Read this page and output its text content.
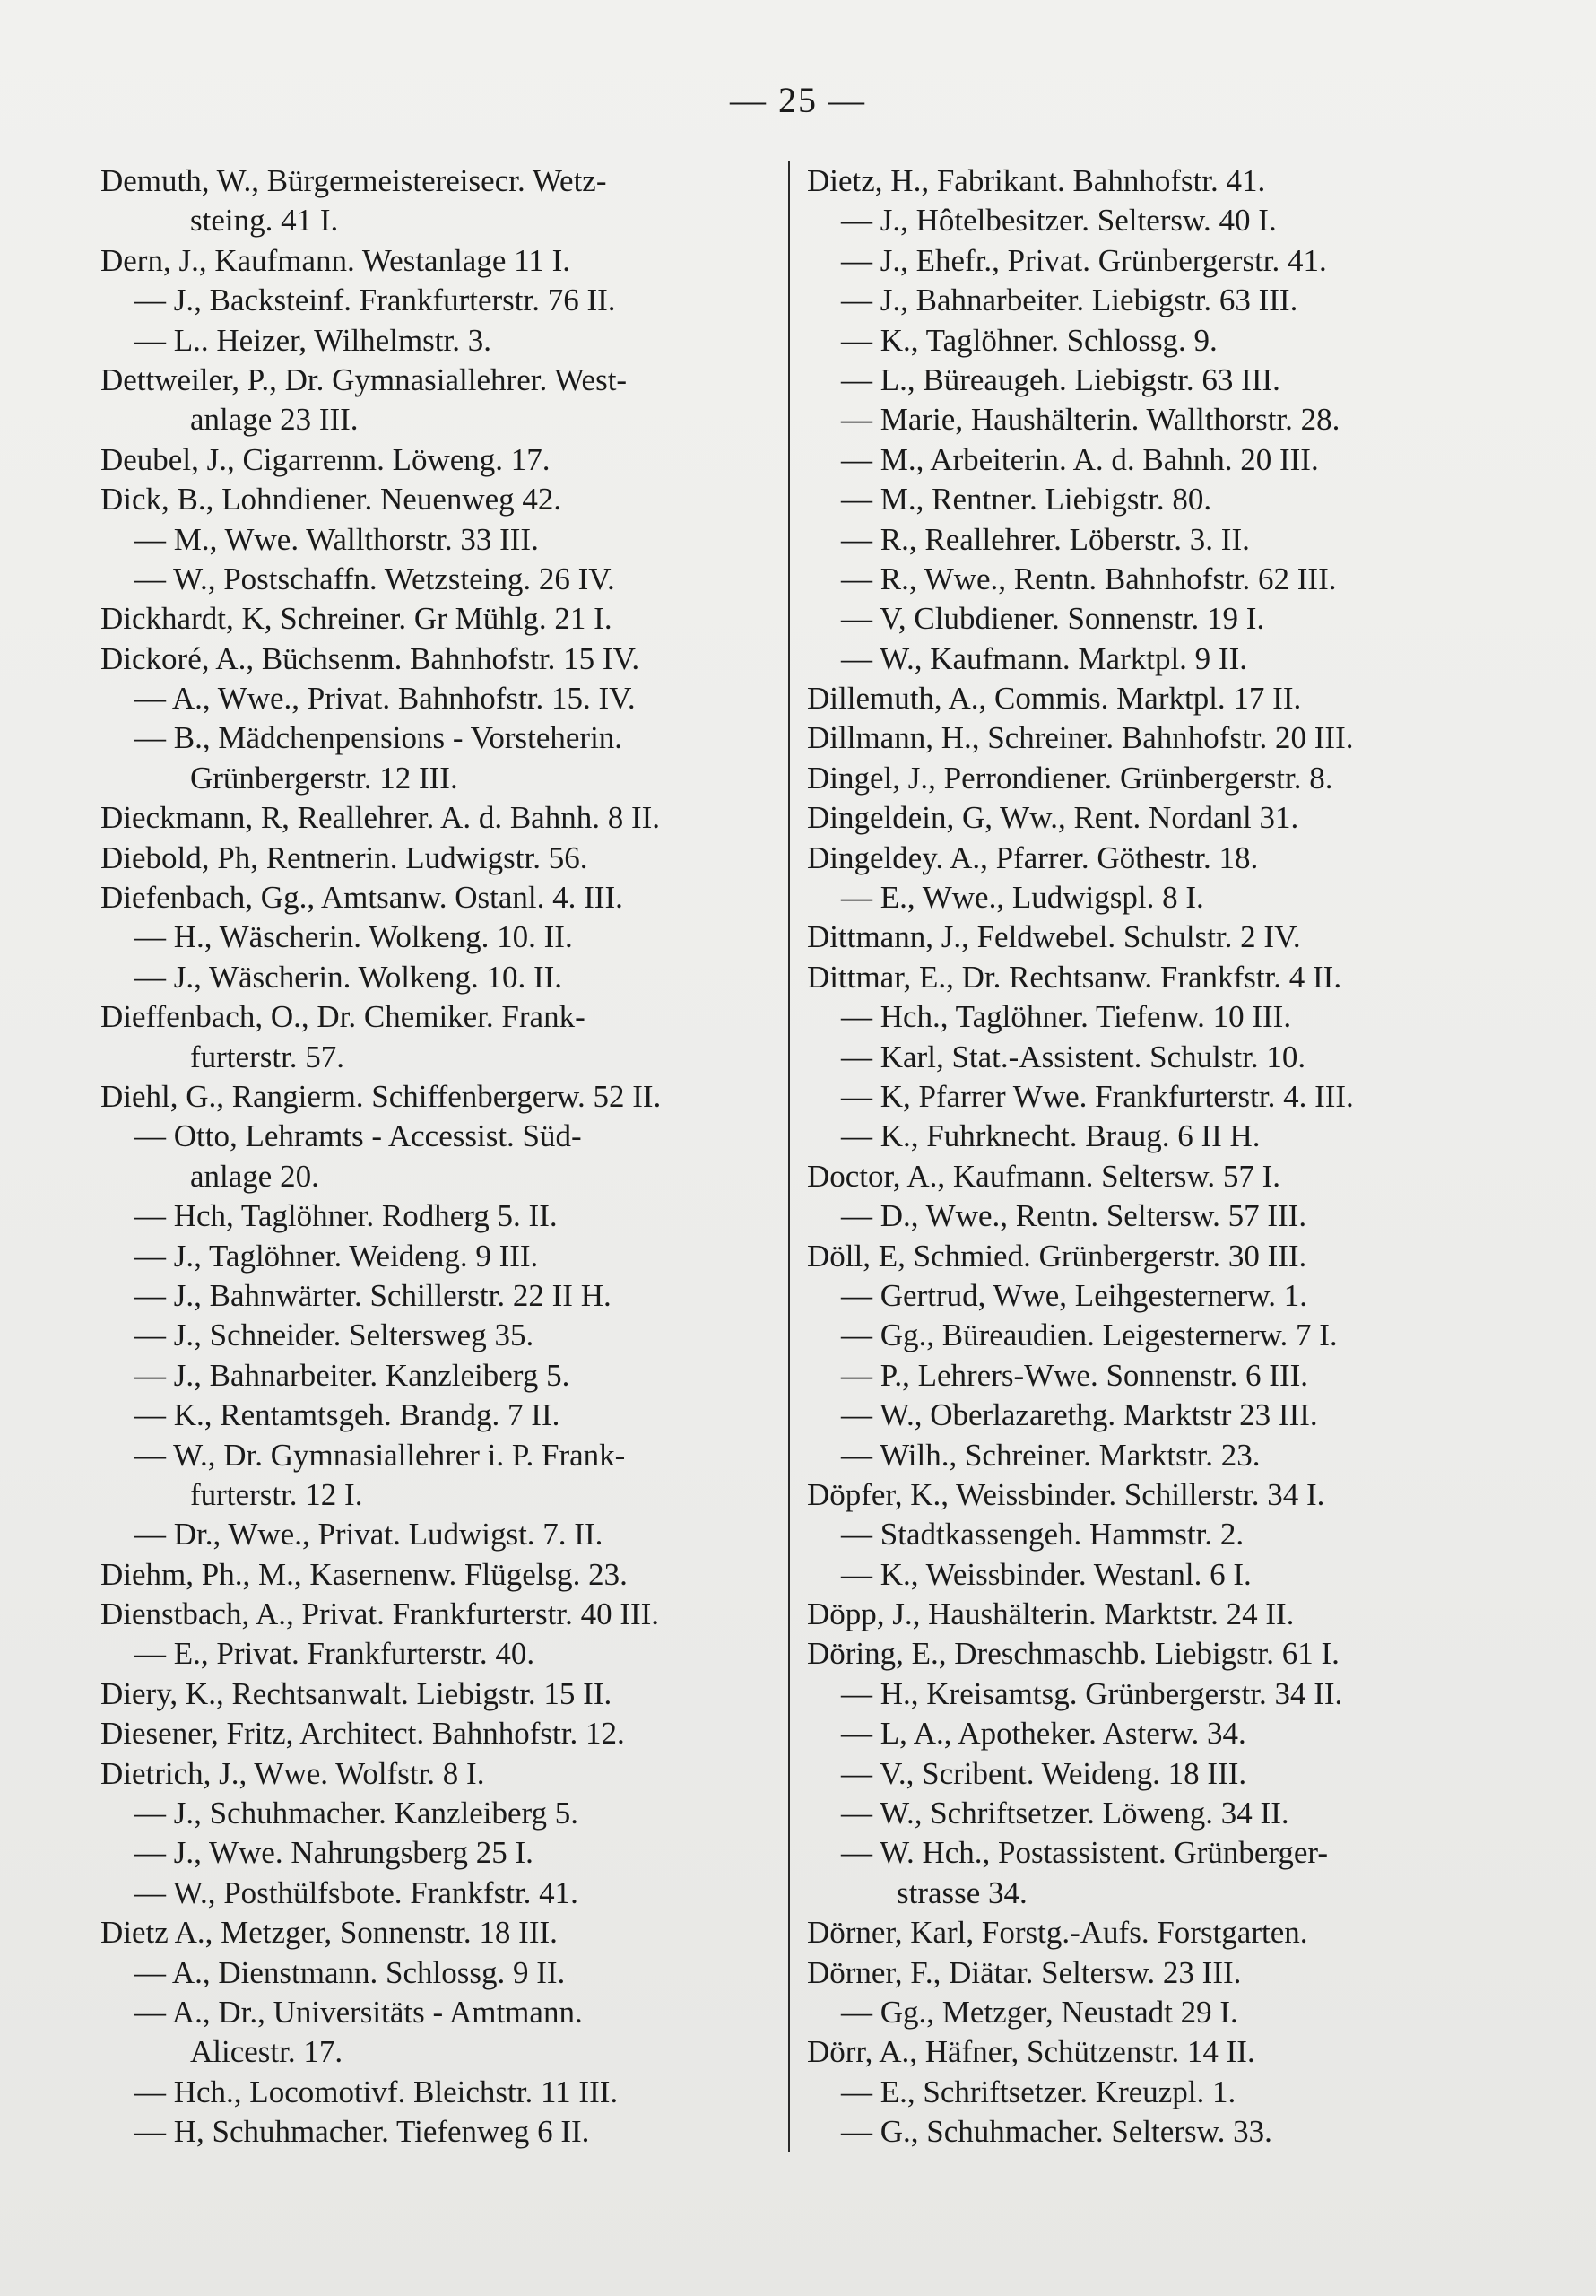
— 25 —
Demuth, W., Bürgermeistereisecr. Wetz-
steing. 41 I.
Dern, J., Kaufmann. Westanlage 11 I.
— J., Backsteinf. Frankfurterstr. 76 II.
— L.. Heizer, Wilhelmstr. 3.
Dettweiler, P., Dr. Gymnasiallehrer. West-
anlage 23 III.
Deubel, J., Cigarrenm. Löweng. 17.
Dick, B., Lohndiener. Neuenweg 42.
— M., Wwe. Wallthorstr. 33 III.
— W., Postschaffn. Wetzsteing. 26 IV.
Dickhardt, K, Schreiner. Gr Mühlg. 21 I.
Dickoré, A., Büchsenm. Bahnhofstr. 15 IV.
— A., Wwe., Privat. Bahnhofstr. 15. IV.
— B., Mädchenpensions - Vorsteherin.
Grünbergerstr. 12 III.
Dieckmann, R, Reallehrer. A. d. Bahnh. 8 II.
Diebold, Ph, Rentnerin. Ludwigstr. 56.
Diefenbach, Gg., Amtsanw. Ostanl. 4. III.
— H., Wäscherin. Wolkeng. 10. II.
— J., Wäscherin. Wolkeng. 10. II.
Dieffenbach, O., Dr. Chemiker. Frank-
furterstr. 57.
Diehl, G., Rangierm. Schiffenbergerw. 52 II.
— Otto, Lehramts - Accessist. Süd-
anlage 20.
— Hch, Taglöhner. Rodherg 5. II.
— J., Taglöhner. Weideng. 9 III.
— J., Bahnwärter. Schillerstr. 22 II H.
— J., Schneider. Seltersweg 35.
— J., Bahnarbeiter. Kanzleiberg 5.
— K., Rentamtsgeh. Brandg. 7 II.
— W., Dr. Gymnasiallehrer i. P. Frank-
furterstr. 12 I.
— Dr., Wwe., Privat. Ludwigst. 7. II.
Diehm, Ph., M., Kasernenw. Flügelsg. 23.
Dienstbach, A., Privat. Frankfurterstr. 40 III.
— E., Privat. Frankfurterstr. 40.
Diery, K., Rechtsanwalt. Liebigstr. 15 II.
Diesener, Fritz, Architect. Bahnhofstr. 12.
Dietrich, J., Wwe. Wolfstr. 8 I.
— J., Schuhmacher. Kanzleiberg 5.
— J., Wwe. Nahrungsberg 25 I.
— W., Posthülfsbote. Frankfstr. 41.
Dietz A., Metzger, Sonnenstr. 18 III.
— A., Dienstmann. Schlossg. 9 II.
— A., Dr., Universitäts - Amtmann.
Alicestr. 17.
— Hch., Locomotivf. Bleichstr. 11 III.
— H, Schuhmacher. Tiefenweg 6 II.
Dietz, H., Fabrikant. Bahnhofstr. 41.
— J., Hôtelbesitzer. Seltersw. 40 I.
— J., Ehefr., Privat. Grünbergerstr. 41.
— J., Bahnarbeiter. Liebigstr. 63 III.
— K., Taglöhner. Schlossg. 9.
— L., Büreaugeh. Liebigstr. 63 III.
— Marie, Haushälterin. Wallthorstr. 28.
— M., Arbeiterin. A. d. Bahnh. 20 III.
— M., Rentner. Liebigstr. 80.
— R., Reallehrer. Löberstr. 3. II.
— R., Wwe., Rentn. Bahnhofstr. 62 III.
— V, Clubdiener. Sonnenstr. 19 I.
— W., Kaufmann. Marktpl. 9 II.
Dillemuth, A., Commis. Marktpl. 17 II.
Dillmann, H., Schreiner. Bahnhofstr. 20 III.
Dingel, J., Perrondiener. Grünbergerstr. 8.
Dingeldein, G, Ww., Rent. Nordanl 31.
Dingeldey. A., Pfarrer. Göthestr. 18.
— E., Wwe., Ludwigspl. 8 I.
Dittmann, J., Feldwebel. Schulstr. 2 IV.
Dittmar, E., Dr. Rechtsanw. Frankfstr. 4 II.
— Hch., Taglöhner. Tiefenw. 10 III.
— Karl, Stat.-Assistent. Schulstr. 10.
— K, Pfarrer Wwe. Frankfurterstr. 4. III.
— K., Fuhrknecht. Braug. 6 II H.
Doctor, A., Kaufmann. Seltersw. 57 I.
— D., Wwe., Rentn. Seltersw. 57 III.
Döll, E, Schmied. Grünbergerstr. 30 III.
— Gertrud, Wwe, Leihgesternerw. 1.
— Gg., Büreaudien. Leigesternerw. 7 I.
— P., Lehrers-Wwe. Sonnenstr. 6 III.
— W., Oberlazarethg. Marktstr 23 III.
— Wilh., Schreiner. Marktstr. 23.
Döpfer, K., Weissbinder. Schillerstr. 34 I.
— Stadtkassengeh. Hammstr. 2.
— K., Weissbinder. Westanl. 6 I.
Döpp, J., Haushälterin. Marktstr. 24 II.
Döring, E., Dreschmaschb. Liebigstr. 61 I.
— H., Kreisamtsg. Grünbergerstr. 34 II.
— L, A., Apotheker. Asterw. 34.
— V., Scribent. Weideng. 18 III.
— W., Schriftsetzer. Löweng. 34 II.
— W. Hch., Postassistent. Grünberger-
strasse 34.
Dörner, Karl, Forstg.-Aufs. Forstgarten.
Dörner, F., Diätar. Seltersw. 23 III.
— Gg., Metzger, Neustadt 29 I.
Dörr, A., Häfner, Schützenstr. 14 II.
— E., Schriftsetzer. Kreuzpl. 1.
— G., Schuhmacher. Seltersw. 33.
